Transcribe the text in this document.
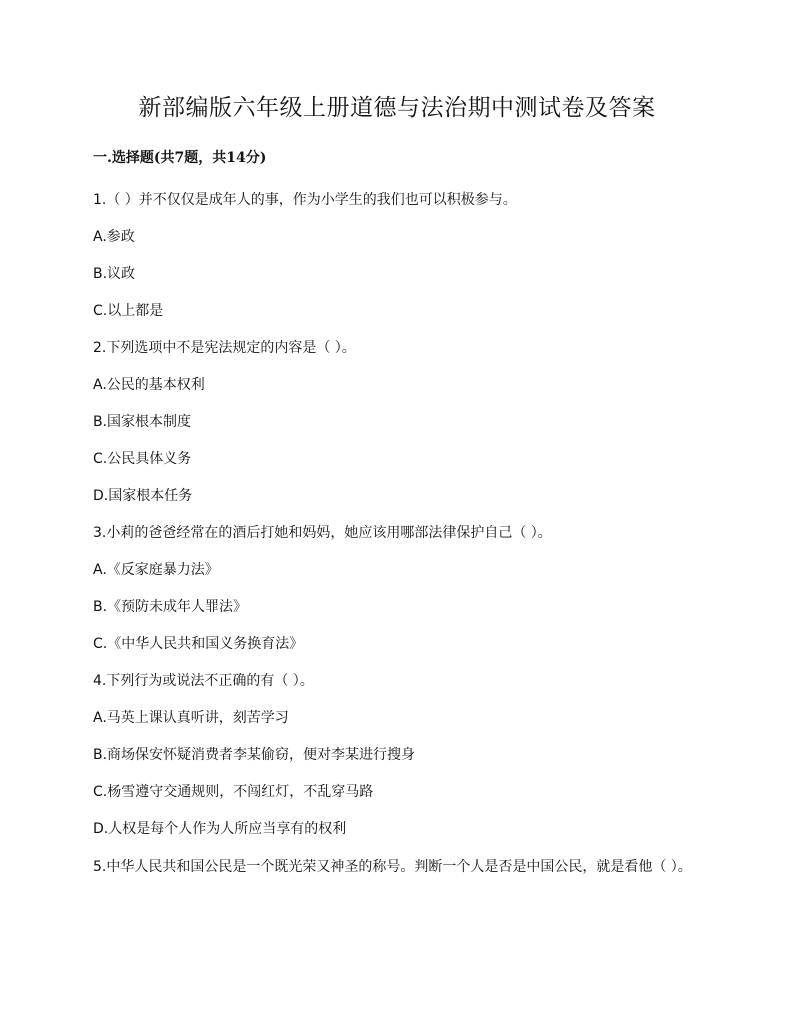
新部编版六年级上册道德与法治期中测试卷及答案
一.选择题(共7题，共14分)
1.（ ）并不仅仅是成年人的事，作为小学生的我们也可以积极参与。
A.参政
B.议政
C.以上都是
2.下列选项中不是宪法规定的内容是（ ）。
A.公民的基本权利
B.国家根本制度
C.公民具体义务
D.国家根本任务
3.小莉的爸爸经常在的酒后打她和妈妈，她应该用哪部法律保护自己（ ）。
A.《反家庭暴力法》
B.《预防未成年人罪法》
C.《中华人民共和国义务换育法》
4.下列行为或说法不正确的有（ ）。
A.马英上课认真听讲，刻苦学习
B.商场保安怀疑消费者李某偷窃，便对李某进行搜身
C.杨雪遵守交通规则，不闯红灯，不乱穿马路
D.人权是每个人作为人所应当享有的权利
5.中华人民共和国公民是一个既光荣又神圣的称号。判断一个人是否是中国公民，就是看他（ ）。
